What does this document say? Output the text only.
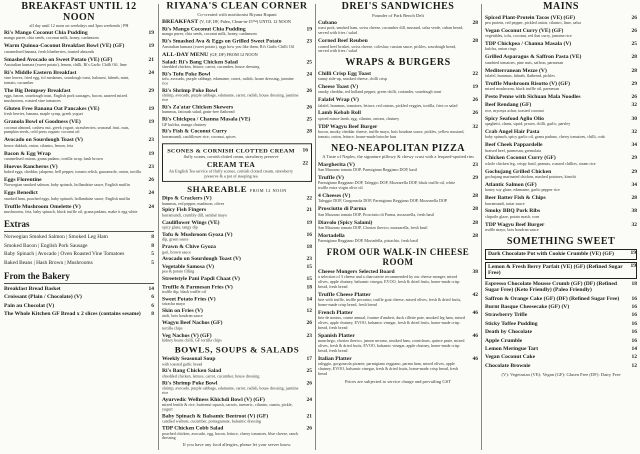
BREAKFAST UNTIL 12 NOON
all day until 12 noon on weekdays and 3pm weekends | PH
Ri's Mango Coconut Chia Pudding
mango puree, chia seeds, coconut milk, honey, cardamom
19
Warm Quinoa-Coconut Breakfast Bowl (VE) (GF)
caramelised banana, fresh blueberries, toasted almonds
19
Smashed Avocado on Sweet Potato (VE) (GF)
Australian kumara (sweet potato), lemon, chilli, Ri's Garlic Chilli Oil, lime
21
Ri's Middle Eastern Breakfast
vine leaves, fried egg, fol medames, sourdough toast, haloumi, labneh, mint, tomato, cucumber
24
The Big Dempsey Breakfast
eggs, bacon, sourdough toast, English pork sausages, bacon, sauteed mixed mushrooms, roasted vine tomatoes
29
Gluten Free Banana Oat Pancakes (VE)
fresh berries, banana, maple syrup, greek yogurt
19
Granola Bowl of Goodness (VE)
coconut almond, cashew nut, greek yogurt, strawberries, seasonal fruit, nuts, pumpkin seeds, cold press organic coconut oil
19
Avocado on Sourdough Toast (V)
house dukkah, onion, cilantro, lemon, feta
23
Bacon & Egg Wrap
caramelised onions, grana padano, tortilla wrap, hash brown
19
Huevos Rancheros (V)
baked eggs, cheddar, jalapeno, bell pepper, tomato relish, guacamole, onion, tortilla
23
Eggs Florentine
Norwegian smoked salmon, baby spinach, hollandaise sauce, English muffin
26
Eggs Benedict
smoked ham, poached eggs, baby spinach, hollandaise sauce, English muffin
24
Truffle Mushroom Omelette (V)
mushrooms, feta, baby spinach, black truffle oil, grana padano, make it egg white
24
Extras
Norwegian Smoked Salmon | Smoked Leg Ham	8
Smoked Bacon | English Pork Sausage	8
Baby Spinach | Avocado | Oven Roasted Vine Tomatoes	5
Baked Beans | Hash Brown | Mushrooms	5
From the Bakery
Breakfast Bread Basket	14
Croissant (Plain / Chocolate) (V)	6
Pain au Chocolat (V)	6
The Whole Kitchen GF Bread x 2 slices (contains sesame) 8
RIYANA'S CLEAN CORNER
Co-created with nutritionist Riyana Rupani
BREAKFAST (V, GF, DF, Paleo, Clean-in-15™) UNTIL 12 NOON
Ri's Mango Coconut Chia Pudding
mango puree, chia seeds, coconut milk, honey, cardamom
19
Ri's Smashed Ava & Eggs on Grilled Sweet Potato
Australian kumara (sweet potato), eggs how you like them, Ri's Garlic Chilli Oil
23
ALL-DAY MENU (GF, DF) FROM 12 NOON
Salad: Ri's Bang Chicken Salad
shredded chicken, lettuce, carrot, cucumber, house dressing
25
Ri's Tofu Poke Bowl
tofu, avocado, purple cabbage, edamame, carrot, radish, house dressing, jasmine rice
24
Ri's Shrimp Poke Bowl
shrimp, avocado, purple cabbage, edamame, carrot, radish, house dressing, jasmine rice
26
Ri's Za'atar Chicken Skewers
hummus, fattoush salad, grain-free flatbread
26
Ri's Chickpea / Channa Masala (VE)
GF kulcha, mango chutney
25
Ri's Fish & Coconut Curry
barramundi, cauliflower rice, coconut, spices
28
SCONES & CORNISH CLOTTED CREAM
fluffy scones, cornish clotted cream, strawberry preserve
16
CREAM TEA
An English Tea service of fluffy scones, cornish clotted cream, strawberry preserve & a pot of steeping tea
22
SHAREABLE FROM 12 NOON
Dips & Crackers (V)
hummus, red pepper, madzoon, olives
22
Spicy Fish Fingers
barramundi, crumbly dill, sambal mayo
21
Cauliflower Wings (VE)
spicy glaze, tangy dip
19
Tofu & Mushroom Gyoza (V)
dip, green sauce
16
Prawn & Chive Gyoza
gari, brown sauce
18
Avocado on Sourdough Toast (V)	23
Vegetable Samosa (V)
pea & potato filling
15
Streetstyle Pani Papdi Chaat (V)	15
Truffle & Parmesan Fries (V)
truffle dip, black truffle oil
18
Sweet Potato Fries (V)
sriracha mayo
14
Skin on Fries (V)
aioli, bois boudran sauce
12
Wagyu Beef Nachos (GF)
tortilla chips
26
Veg Nachos (V) (GF)
kidney beans chilli, GF tortilla chips
23
BOWLS, SOUPS & SALADS
Weekly Seasonal Soup
with toasted garlic bread
17
Ri's Bang Chicken Salad
shredded chicken, lettuce, carrot, cucumber, house dressing
25
Ri's Shrimp Poke Bowl
shrimp, avocado, purple cabbage, edamame, carrot, radish, house dressing, jasmine rice
26
Ayurvedic Wellness Khichdi Bowl (V) (GF)
mixed lentils & rice, butternut squash, carrots, turmeric, cilantro, cumin, pickle, yogurt
24
Baby Spinach & Balsamic Beetroot (V) (GF)
candied walnuts, cucumber, pomegranate, balsamic dressing
21
TDP Chicken Cobb Salad
poached chicken, avocado, egg, bacon, lettuce, cherry tomatoes, blue cheese, ranch dressing
26
If you have any food allergies, please let your server know.
DREI'S SANDWICHES
Founder of Park Bench Deli
Cubano
roast pork, smoked ham, swiss cheese, cucumber dill, mustard, salsa verde, cuban bread, served with fries / salad
28
Corned Beef Reuben
corned beef brisket, swiss cheese, coleslaw, russian sauce, pickles, sourdough bread, served with fries / salad
28
WRAPS & BURGERS
Chilli Crisp Egg Toast
sunny side-up, smoked cheese, chilli crisp
22
Cheese Toast (V)
smoky cheddar, red holland pepper, green chilli, coriander, sourdough toast
19
Falafel Wrap (V)
falafel, hummus, tomatoes, lettuce, red onions, pickled veggies, tortilla, fries or salad
26
Lamb Kebab Roll
spiced mince lamb, egg, cilantro, onions, chutney
26
TDP Wagyu Beef Burger
bacon, smoky cheddar cheese, truffle mayo, bois boudran sauce, pickles, yellow mustard, tomato, onion, lettuce, house-made brioche bun
32
NEO-NEAPOLITAN PIZZA
A Taste of Naples, the signature pillowy & chewy crust with a leopard-spotted rim
Margherita (V)
San Marzano tomato DOP, Parmigiano Reggiano DOP, basil
23
Truffle (V)
Parmigiano Reggiano DOP, Taleggio DOP, Mozzarella DOP, black truffle oil, white truffle extra virgin olive oil
29
4 Cheeses (V)
Taleggio DOP, Gorgonzola DOP, Parmigiano Reggiano DOP, Mozzarella DOP
28
Prosciutto di Parma
San Marzano tomato DOP, Prosciutto di Parma, mozzarella, fresh basil
28
Diavolo (Spicy Salami)
San Marzano tomato DOP, Chorizo iberico, mozzarella, fresh basil
28
Mortadella
Parmigiano Reggiano DOP, Mortadella, pistachio, fresh basil
28
FROM OUR WALK-IN CHEESE ROOM
Cheese Mongers Selected Board
a selection of 3 cheese and a charcuterie recommended by our cheese monger, mixed olives, apple chutney, balsamic vinegar, EVOO, fresh & dried fruits, home-made crisp bread, fresh bread
38
Truffle Cheese Platter
brie with truffle, truffle pecorino, truffle goat cheese, mixed olives, fresh & dried fruits, home-made crisp bread, fresh bread
42
French Platter
brie de meaux, comte annual, fourme d'ambert, duck rillette pate, smoked leg ham, mixed olives, apple chutney, EVOO, balsamic vinegar, fresh & dried fruits, home-made crisp bread, fresh bread
46
Spanish Platter
manchego, chorizo iberico, jamon serrano, smoked ham, cornichons, quince paste, mixed olives, fresh & dried fruits, EVOO, balsamic vinegar, apple chutney, home-made crisp bread, fresh bread
46
Italian Platter
taleggio, gorgonzola picante, parmigiano reggiano, parma ham, mixed olives, apple chutney, EVOO, balsamic vinegar, fresh & dried fruits, home-made crisp bread, fresh bread
46
Prices are subjected to service charge and prevailing GST
MAINS
Spiced Plant-Protein Tacos (VE) (GF)
pea protein, red pepper, pickled onion, cilantro, lime, salsa
26
Vegan Coconut Curry (VE) (GF)
vegetables, tofu, coconut, red thai curry, jasmine rice
26
TDP Chickpea / Channa Masala (V)
kulcha, onion rings
25
Grilled Asparagus & Saffron Pasta (VE)
sundried tomatoes, pine nuts, saffron, parmesan
28
Mediterranean Mezze (V)
falafel, hummus, labneh, flatbread, pickles
28
Truffle Mushroom Risotto (V) (GF)
mixed mushroom, black truffle oil, parmesan
29
Pesto Penne with Sichuan Mala Noodles	26
Beef Rendang (GF)
rice, myonya achar, toasted coconut
32
Spicy Seafood Aglio Olio
spaghetti, clams, squid, prawn, chilli, garlic, parsley
30
Crab Angel Hair Pasta
baby spinach, spicy garlic oil, grana padano, cherry tomatoes, chilli, crab
32
Beef Cheek Pappardelle
braised beef, parmesan, gremolata
34
Chicken Coconut Curry (GF)
whole chicken leg, crispy basil, peanuts, roasted chillies, steam rice
29
Gochujang Grilled Chicken
gochujang marinated chicken, mashed potatoes, kimchi
29
Atlantic Salmon (GF)
honey soy glaze, edamame, garlic pepper rice
34
Beer Batter Fish & Chips
barramundi, tartar sauce
28
Smoky BBQ Pork Ribs
chipotle glaze, potato mash, corn
38
TDP Wagyu Beef Burger
truffle mayo, bois boudran sauce
32
SOMETHING SWEET
Dark Chocolate Pot with Cookie Crumble (VE) (GF)	19
Lemon & Fresh Berry Parfait (VE) (GF) (Refined Sugar Free)
19
Espresso Chocolate Mousse Crumb (GF) (DF) (Refined Sugar Free) (Keto Friendly) (Paleo Friendly)
18
Saffron & Orange Cake (GF) (DF) (Refined Sugar Free)	16
Burnt Basque Cheesecake (GF) (V)	16
Strawberry Trifle	16
Sticky Toffee Pudding	16
Death by Chocolate	16
Apple Crumble	16
Lemon Meringue Tart	14
Vegan Coconut Cake	12
Chocolate Brownie	12
(V): Vegetarian (VE): Vegan (GF): Gluten Free (DF): Dairy Free
